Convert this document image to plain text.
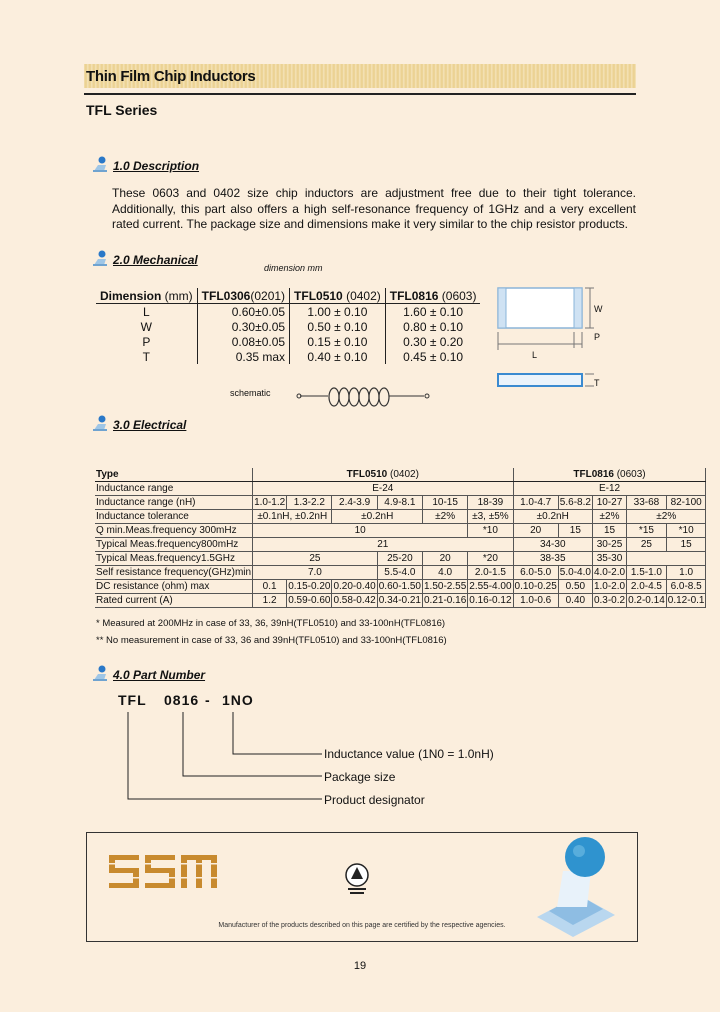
Thin Film Chip Inductors
TFL Series
1.0 Description
These 0603 and 0402 size chip inductors are adjustment free due to their tight tolerance. Additionally, this part also offers a high self-resonance frequency of 1GHz and a very excellent rated current. The package size and dimensions make it very similar to the chip resistor products.
2.0 Mechanical
dimension mm
Dimension (mm)	TFL0306(0201)	TFL0510 (0402)	TFL0816 (0603)
L	0.60±0.05	1.00 ± 0.10	1.60 ± 0.10
W	0.30±0.05	0.50 ± 0.10	0.80 ± 0.10
P	0.08±0.05	0.15 ± 0.10	0.30 ± 0.20
T	0.35 max	0.40 ± 0.10	0.45 ± 0.10
W
P
L
T
schematic
3.0 Electrical
Type	TFL0510 (0402)						TFL0816 (0603)				
Inductance range	E-24						E-12				
Inductance range (nH)	1.0-1.2	1.3-2.2	2.4-3.9	4.9-8.1	10-15	18-39	1.0-4.7	5.6-8.2	10-27	33-68	82-100
Inductance tolerance	±0.1nH, ±0.2nH		±0.2nH		±2%	±3, ±5%	±0.2nH		±2%	±2%	
Q min.Meas.frequency 300mHz	10					*10	20	15	15	*15	*10
Typical Meas.frequency800mHz	21						34-30		30-25	25	15
Typical Meas.frequency1.5GHz	25			25-20	20	*20	38-35		35-30		
Self resistance frequency(GHz)min	7.0			5.5-4.0	4.0	2.0-1.5	6.0-5.0	5.0-4.0	4.0-2.0	1.5-1.0	1.0
DC resistance (ohm) max	0.1	0.15-0.20	0.20-0.40	0.60-1.50	1.50-2.55	2.55-4.00	0.10-0.25	0.50	1.0-2.0	2.0-4.5	6.0-8.5
Rated current (A)	1.2	0.59-0.60	0.58-0.42	0.34-0.21	0.21-0.16	0.16-0.12	1.0-0.6	0.40	0.3-0.2	0.2-0.14	0.12-0.1
* Measured at 200MHz in case of 33, 36, 39nH(TFL0510) and 33-100nH(TFL0816)
** No measurement in case of 33, 36 and 39nH(TFL0510) and 33-100nH(TFL0816)
4.0 Part Number
TFL 0816 - 1NO
Inductance value (1N0 = 1.0nH)
Package size
Product designator
Manufacturer of the products described on this page are certified by the respective agencies.
19
